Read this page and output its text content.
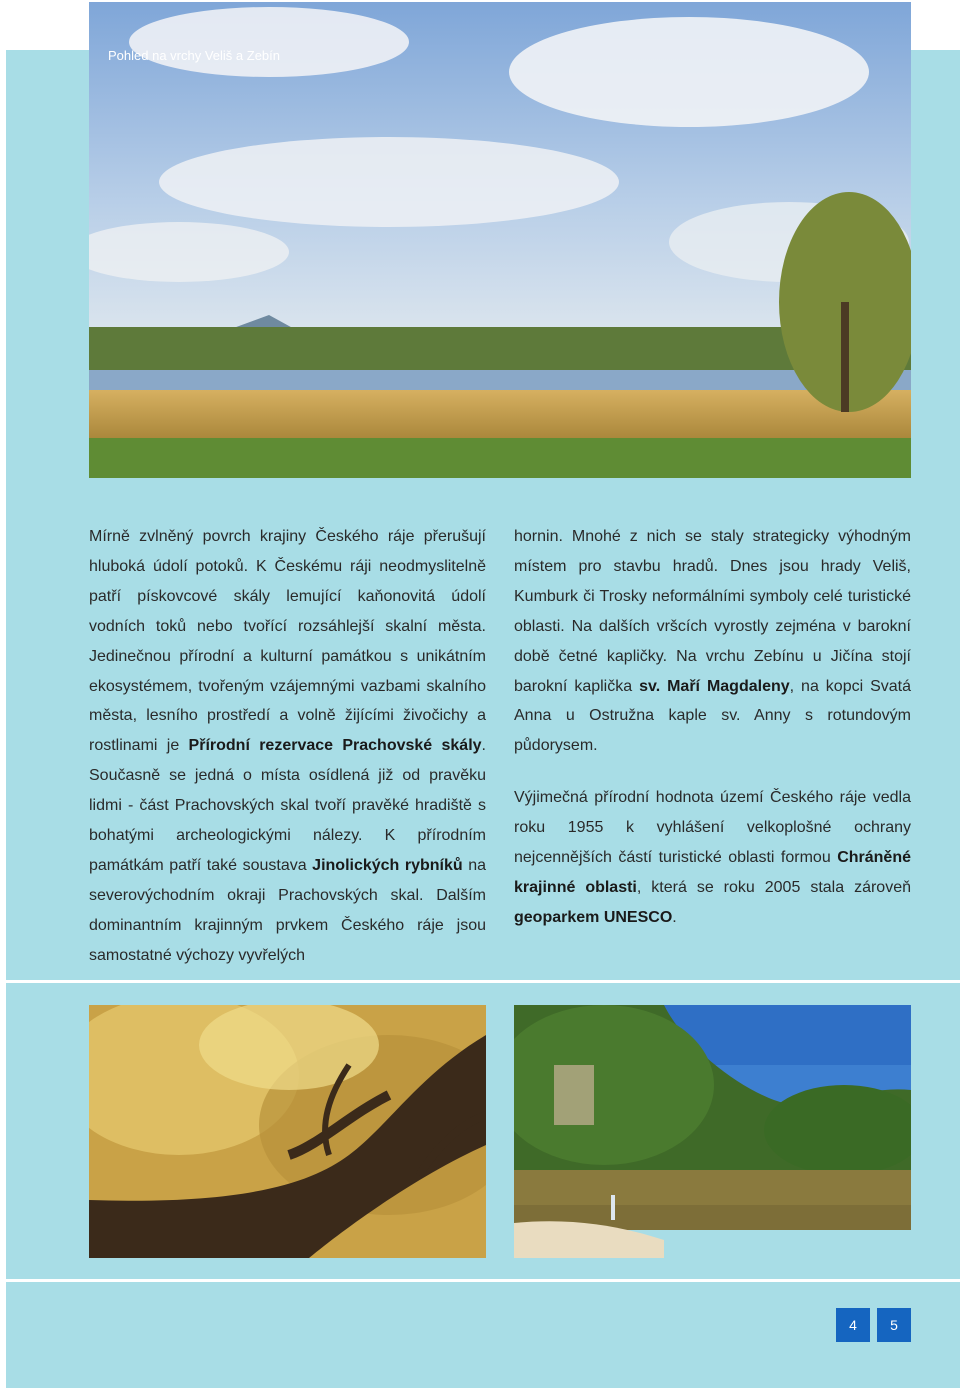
Pohled na vrchy Veliš a Zebín

Mírně zvlněný povrch krajiny Českého ráje přerušují hluboká údolí potoků. K Českému ráji neodmyslitelně patří pískovcové skály lemující kaňonovitá údolí vodních toků nebo tvořící rozsáhlejší skalní města. Jedinečnou přírodní a kulturní památkou s unikátním ekosystémem, tvořeným vzájemnými vazbami skalního města, lesního prostředí a volně žijícími živočichy a rostlinami je Přírodní rezervace Prachovské skály. Současně se jedná o místa osídlená již od pravěku lidmi - část Prachovských skal tvoří pravěké hradiště s bohatými archeologickými nálezy. K přírodním památkám patří také soustava Jinolických rybníků na severovýchodním okraji Prachovských skal. Dalším dominantním krajinným prvkem Českého ráje jsou samostatné výchozy vyvřelých

hornin. Mnohé z nich se staly strategicky výhodným místem pro stavbu hradů. Dnes jsou hrady Veliš, Kumburk či Trosky neformálními symboly celé turistické oblasti. Na dalších vršcích vyrostly zejména v barokní době četné kapličky. Na vrchu Zebínu u Jičína stojí barokní kaplička sv. Maří Magdaleny, na kopci Svatá Anna u Ostružna kaple sv. Anny s rotundovým půdorysem.

Výjimečná přírodní hodnota území Českého ráje vedla roku 1955 k vyhlášení velkoplošné ochrany nejcennějších částí turistické oblasti formou Chráněné krajinné oblasti, která se roku 2005 stala zároveň geoparkem UNESCO.

4	5
